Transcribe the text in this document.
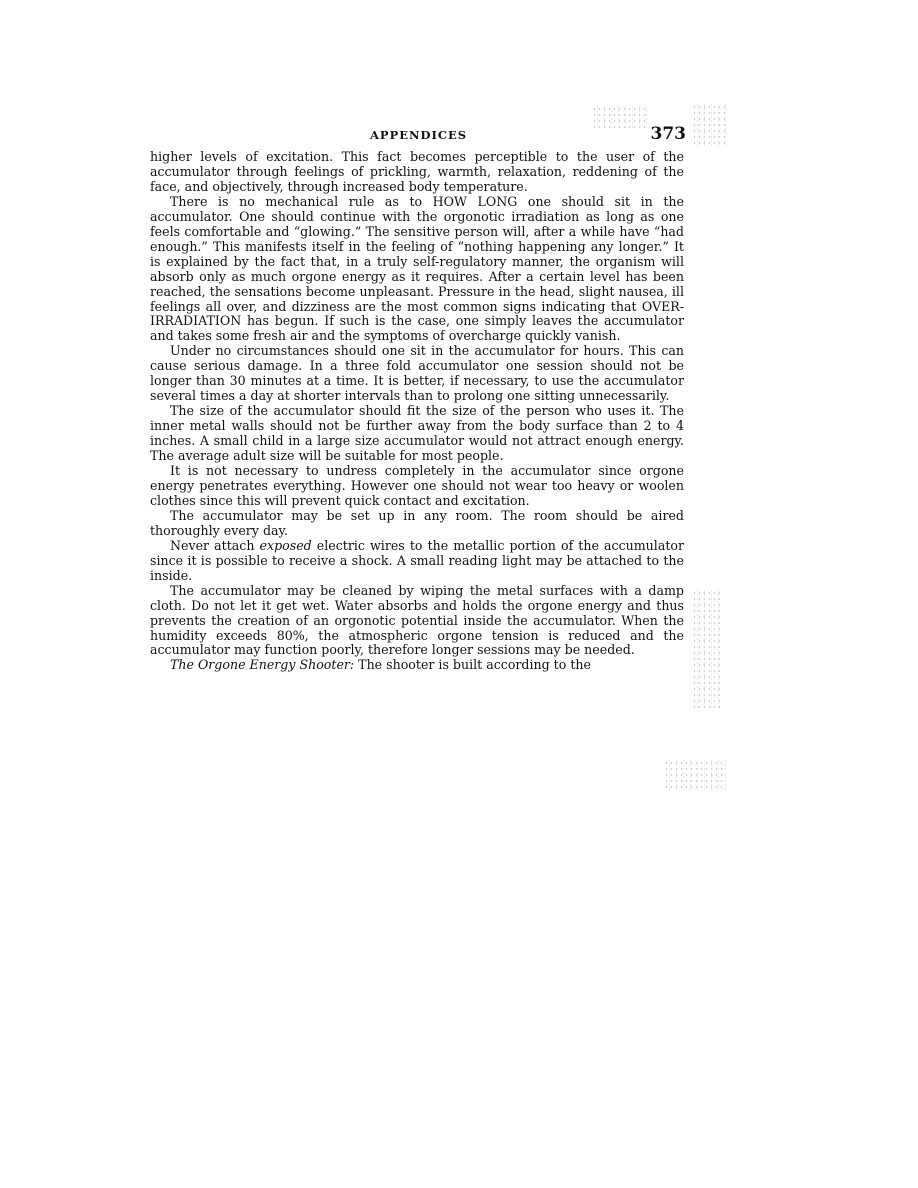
APPENDICES	373

higher levels of excitation. This fact becomes perceptible to the user of the accumulator through feelings of prickling, warmth, relaxation, reddening of the face, and objectively, through increased body temperature.

There is no mechanical rule as to HOW LONG one should sit in the accumulator. One should continue with the orgonotic irradiation as long as one feels comfortable and “glowing.” The sensitive person will, after a while have “had enough.” This manifests itself in the feeling of “nothing happening any longer.” It is explained by the fact that, in a truly self-regulatory manner, the organism will absorb only as much orgone energy as it requires. After a certain level has been reached, the sensations become unpleasant. Pressure in the head, slight nausea, ill feelings all over, and dizziness are the most common signs indicating that OVER-IRRADIATION has begun. If such is the case, one simply leaves the accumulator and takes some fresh air and the symptoms of overcharge quickly vanish.

Under no circumstances should one sit in the accumulator for hours. This can cause serious damage. In a three fold accumulator one session should not be longer than 30 minutes at a time. It is better, if necessary, to use the accumulator several times a day at shorter intervals than to prolong one sitting unnecessarily.

The size of the accumulator should fit the size of the person who uses it. The inner metal walls should not be further away from the body surface than 2 to 4 inches. A small child in a large size accumulator would not attract enough energy. The average adult size will be suitable for most people.

It is not necessary to undress completely in the accumulator since orgone energy penetrates everything. However one should not wear too heavy or woolen clothes since this will prevent quick contact and excitation.

The accumulator may be set up in any room. The room should be aired thoroughly every day.

Never attach exposed electric wires to the metallic portion of the accumulator since it is possible to receive a shock. A small reading light may be attached to the inside.

The accumulator may be cleaned by wiping the metal surfaces with a damp cloth. Do not let it get wet. Water absorbs and holds the orgone energy and thus prevents the creation of an orgonotic potential inside the accumulator. When the humidity exceeds 80%, the atmospheric orgone tension is reduced and the accumulator may function poorly, therefore longer sessions may be needed.

The Orgone Energy Shooter: The shooter is built according to the
